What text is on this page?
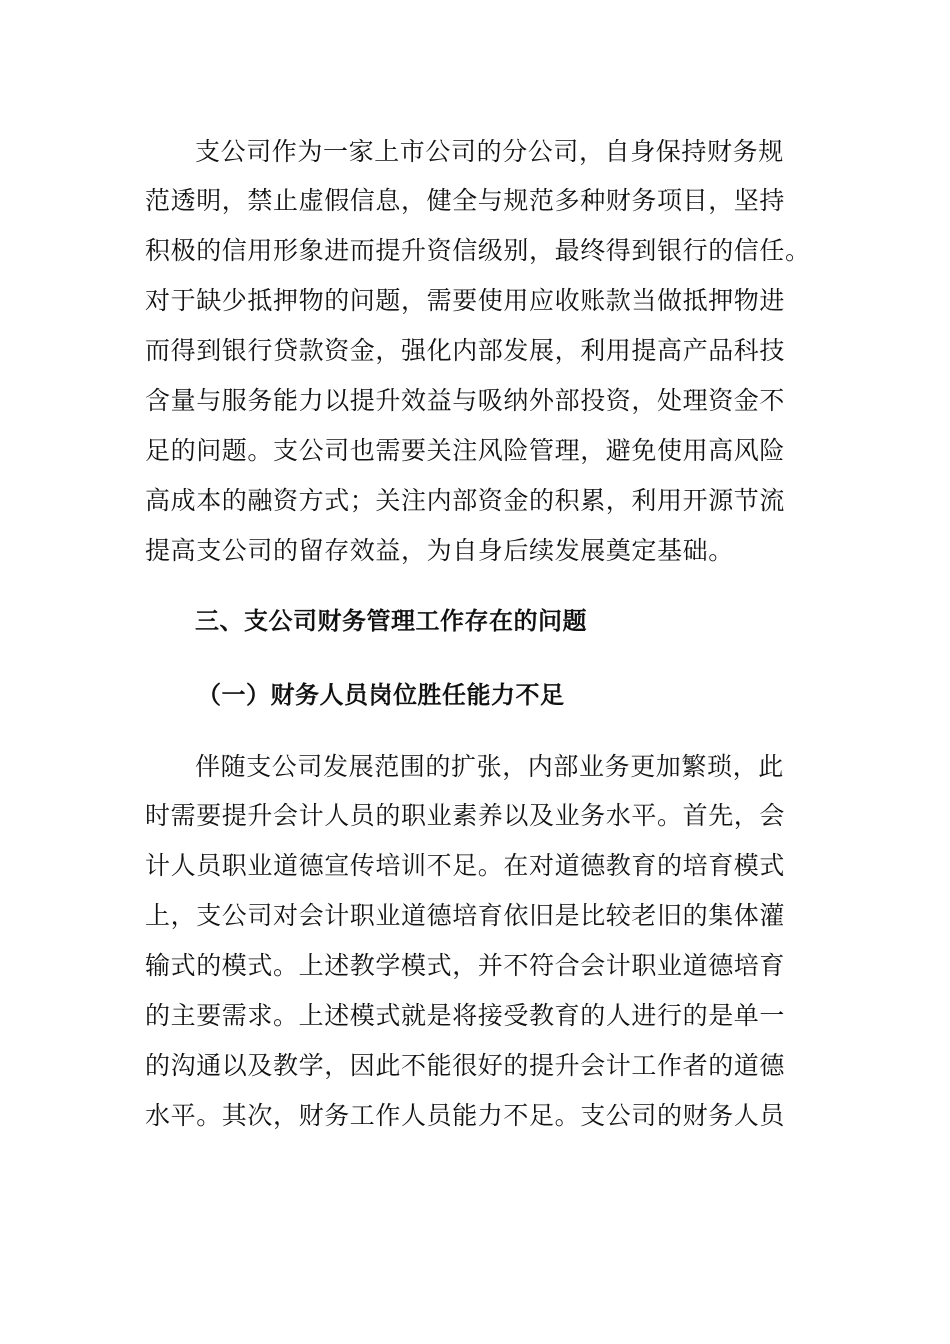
支公司作为一家上市公司的分公司，自身保持财务规
范透明，禁止虚假信息，健全与规范多种财务项目，坚持
积极的信用形象进而提升资信级别，最终得到银行的信任。
对于缺少抵押物的问题，需要使用应收账款当做抵押物进
而得到银行贷款资金，强化内部发展，利用提高产品科技
含量与服务能力以提升效益与吸纳外部投资，处理资金不
足的问题。支公司也需要关注风险管理，避免使用高风险
高成本的融资方式；关注内部资金的积累，利用开源节流
提高支公司的留存效益，为自身后续发展奠定基础。
三、支公司财务管理工作存在的问题
（一）财务人员岗位胜任能力不足
伴随支公司发展范围的扩张，内部业务更加繁琐，此
时需要提升会计人员的职业素养以及业务水平。首先，会
计人员职业道德宣传培训不足。在对道德教育的培育模式
上，支公司对会计职业道德培育依旧是比较老旧的集体灌
输式的模式。上述教学模式，并不符合会计职业道德培育
的主要需求。上述模式就是将接受教育的人进行的是单一
的沟通以及教学，因此不能很好的提升会计工作者的道德
水平。其次，财务工作人员能力不足。支公司的财务人员
